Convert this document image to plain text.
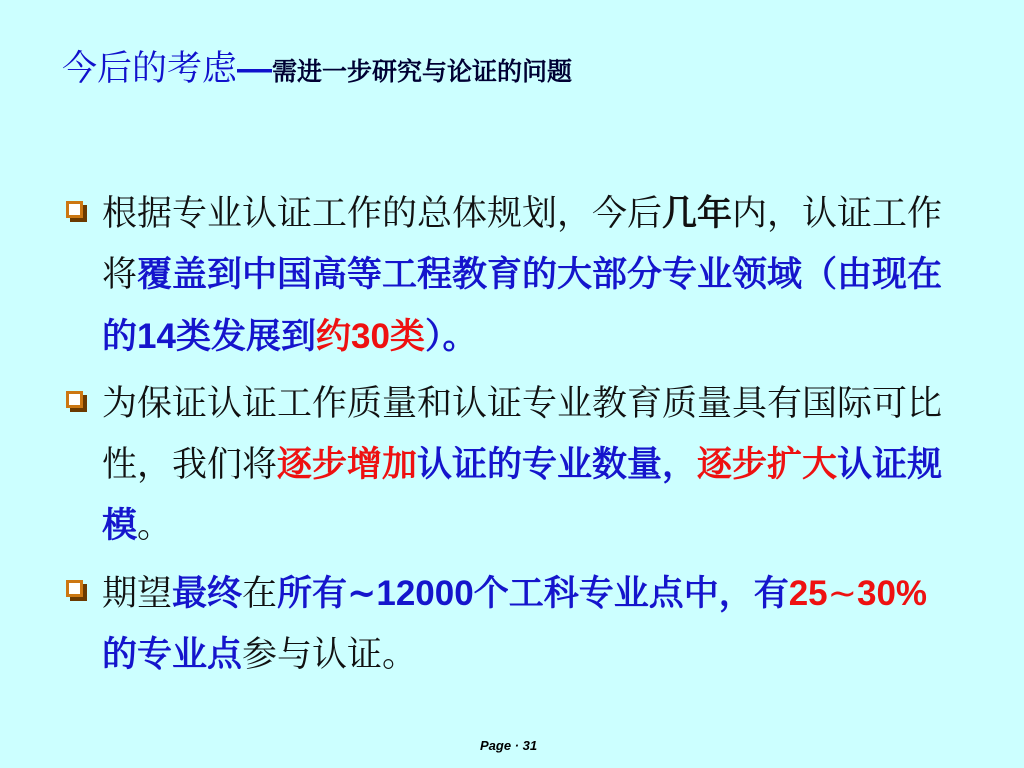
今后的考虑—需进一步研究与论证的问题
根据专业认证工作的总体规划，今后几年内，认证工作将覆盖到中国高等工程教育的大部分专业领域（由现在的14类发展到约30类）。
为保证认证工作质量和认证专业教育质量具有国际可比性，我们将逐步增加认证的专业数量，逐步扩大认证规模。
期望最终在所有~12000个工科专业点中，有25~30%的专业点参与认证。
Page · 31
